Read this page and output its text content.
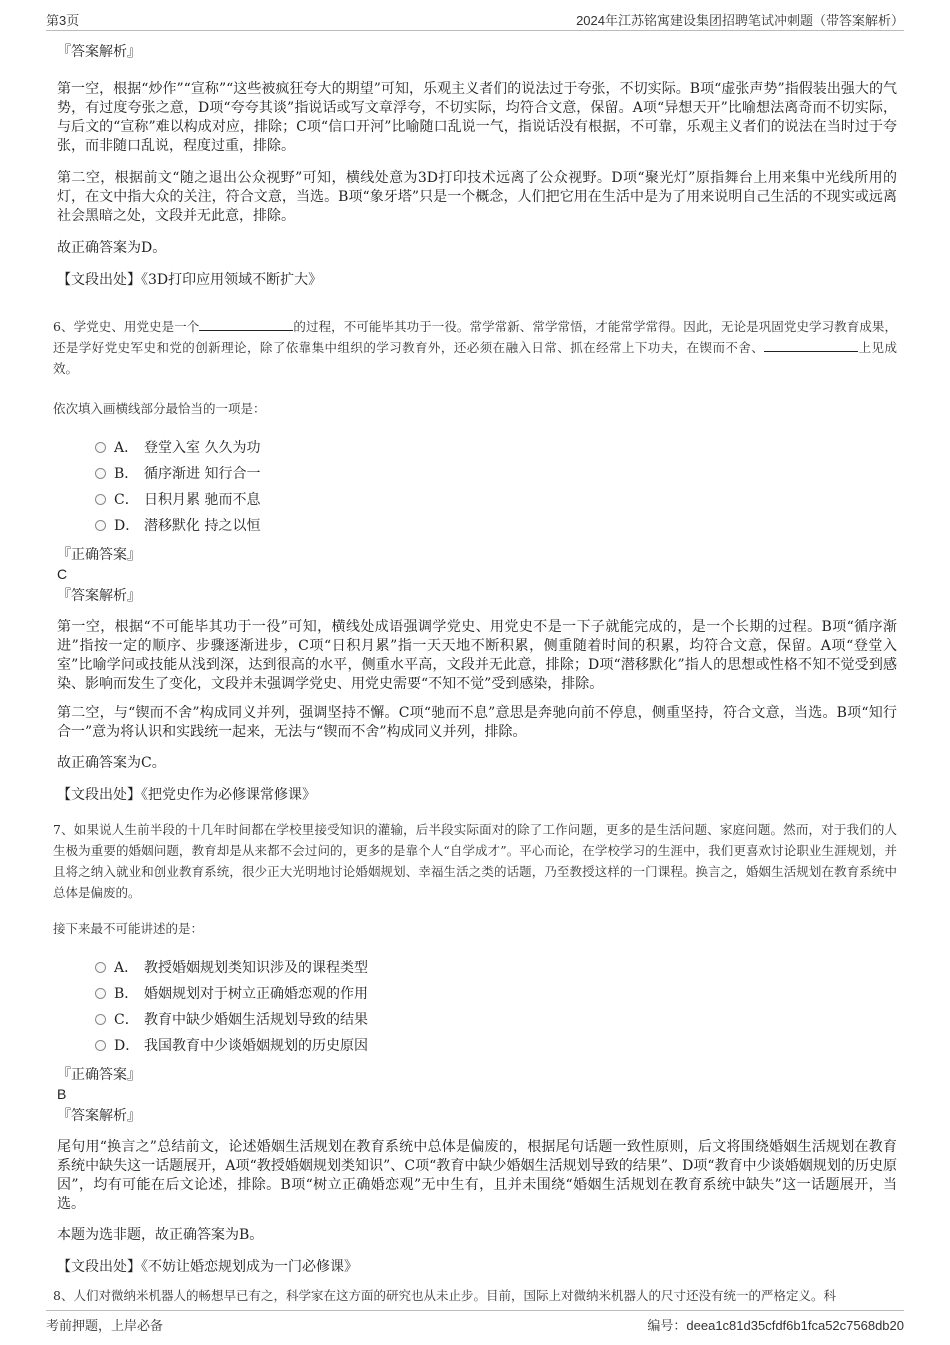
第3页	2024年江苏铭寓建设集团招聘笔试冲刺题（带答案解析）
『答案解析』
第一空，根据“炒作”“宣称”“这些被疯狂夸大的期望”可知，乐观主义者们的说法过于夸张，不切实际。B项“虚张声势”指假装出强大的气势，有过度夸张之意，D项“夸夸其谈”指说话或写文章浮夸，不切实际，均符合文意，保留。A项“异想天开”比喻想法离奇而不切实际，与后文的“宣称”难以构成对应，排除；C项“信口开河”比喻随口乱说一气，指说话没有根据，不可靠，乐观主义者们的说法在当时过于夸张，而非随口乱说，程度过重，排除。
第二空，根据前文“随之退出公众视野”可知，横线处意为3D打印技术远离了公众视野。D项“聚光灯”原指舞台上用来集中光线所用的灯，在文中指大众的关注，符合文意，当选。B项“象牙塔”只是一个概念，人们把它用在生活中是为了用来说明自己生活的不现实或远离社会黑暗之处，文段并无此意，排除。
故正确答案为D。
【文段出处】《3D打印应用领域不断扩大》
6、学党史、用党史是一个	的过程，不可能毕其功于一役。常学常新、常学常悟，才能常学常得。因此，无论是巩固党史学习教育成果，还是学好党史军史和党的创新理论，除了依靠集中组织的学习教育外，还必须在融入日常、抓在经常上下功夫，在锲而不舍、	上见成效。
依次填入画横线部分最恰当的一项是：
A． 登堂入室 久久为功
B． 循序渐进 知行合一
C． 日积月累 驰而不息
D． 潜移默化 持之以恒
『正确答案』
C
『答案解析』
第一空，根据“不可能毕其功于一役”可知，横线处成语强调学党史、用党史不是一下子就能完成的，是一个长期的过程。B项“循序渐进”指按一定的顺序、步骤逐渐进步，C项“日积月累”指一天天地不断积累，侧重随着时间的积累，均符合文意，保留。A项“登堂入室”比喻学问或技能从浅到深，达到很高的水平，侧重水平高，文段并无此意，排除；D项“潜移默化”指人的思想或性格不知不觉受到感染、影响而发生了变化，文段并未强调学党史、用党史需要“不知不觉”受到感染，排除。
第二空，与“锲而不舍”构成同义并列，强调坚持不懈。C项“驰而不息”意思是奔驰向前不停息，侧重坚持，符合文意，当选。B项“知行合一”意为将认识和实践统一起来，无法与“锲而不舍”构成同义并列，排除。
故正确答案为C。
【文段出处】《把党史作为必修课常修课》
7、如果说人生前半段的十几年时间都在学校里接受知识的灌输，后半段实际面对的除了工作问题，更多的是生活问题、家庭问题。然而，对于我们的人生极为重要的婚姻问题，教育却是从来都不会过问的，更多的是靠个人“自学成才”。平心而论，在学校学习的生涯中，我们更喜欢讨论职业生涯规划，并且将之纳入就业和创业教育系统，很少正大光明地讨论婚姻规划、幸福生活之类的话题，乃至教授这样的一门课程。换言之，婚姻生活规划在教育系统中总体是偏废的。
接下来最不可能讲述的是：
A． 教授婚姻规划类知识涉及的课程类型
B． 婚姻规划对于树立正确婚恋观的作用
C． 教育中缺少婚姻生活规划导致的结果
D． 我国教育中少谈婚姻规划的历史原因
『正确答案』
B
『答案解析』
尾句用“换言之”总结前文，论述婚姻生活规划在教育系统中总体是偏废的，根据尾句话题一致性原则，后文将围绕婚姻生活规划在教育系统中缺失这一话题展开，A项“教授婚姻规划类知识”、C项“教育中缺少婚姻生活规划导致的结果”、D项“教育中少谈婚姻规划的历史原因”，均有可能在后文论述，排除。B项“树立正确婚恋观”无中生有，且并未围绕“婚姻生活规划在教育系统中缺失”这一话题展开，当选。
本题为选非题，故正确答案为B。
【文段出处】《不妨让婚恋规划成为一门必修课》
8、人们对微纳米机器人的畅想早已有之，科学家在这方面的研究也从未止步。目前，国际上对微纳米机器人的尺寸还没有统一的严格定义。科
考前押题，上岸必备	编号：deea1c81d35cfdf6b1fca52c7568db20
